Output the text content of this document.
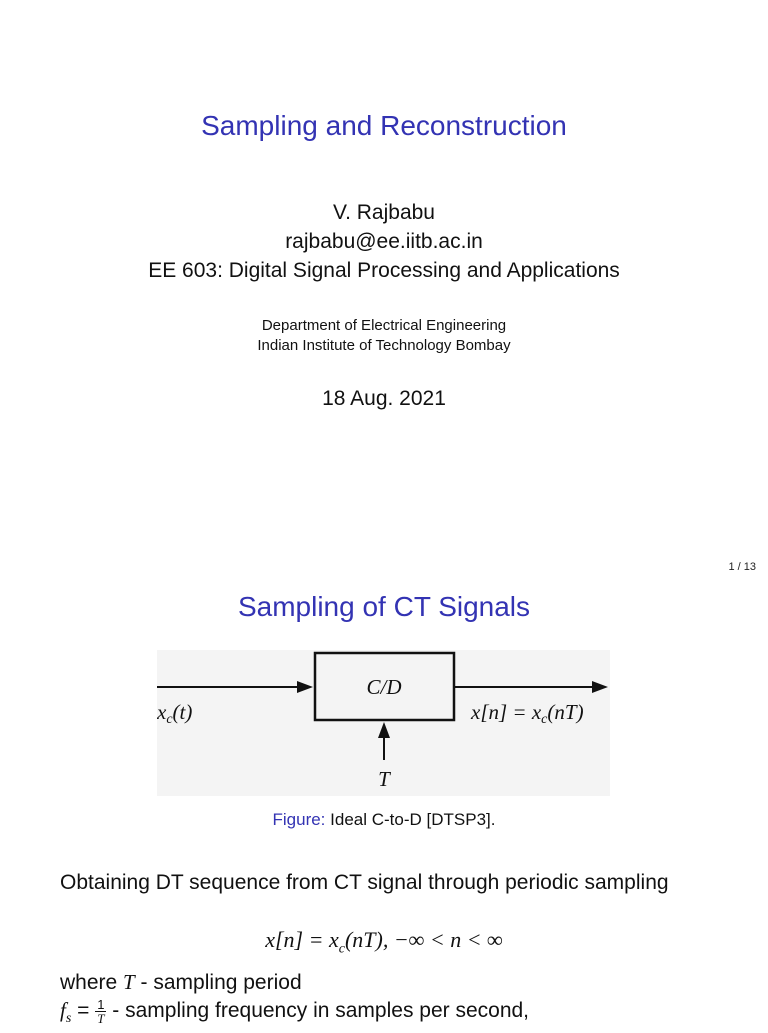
Sampling and Reconstruction
V. Rajbabu
rajbabu@ee.iitb.ac.in
EE 603: Digital Signal Processing and Applications
Department of Electrical Engineering
Indian Institute of Technology Bombay
18 Aug. 2021
1 / 13
Sampling of CT Signals
C/D
xc(t)	x[n] = xc(nT)
T
Figure: Ideal C-to-D [DTSP3].
Obtaining DT sequence from CT signal through periodic sampling
$x[n] = x_c(nT)$, −∞ < n < ∞
where T - sampling period
$f_s = \frac{1}{T}$ - sampling frequency in samples per second,
